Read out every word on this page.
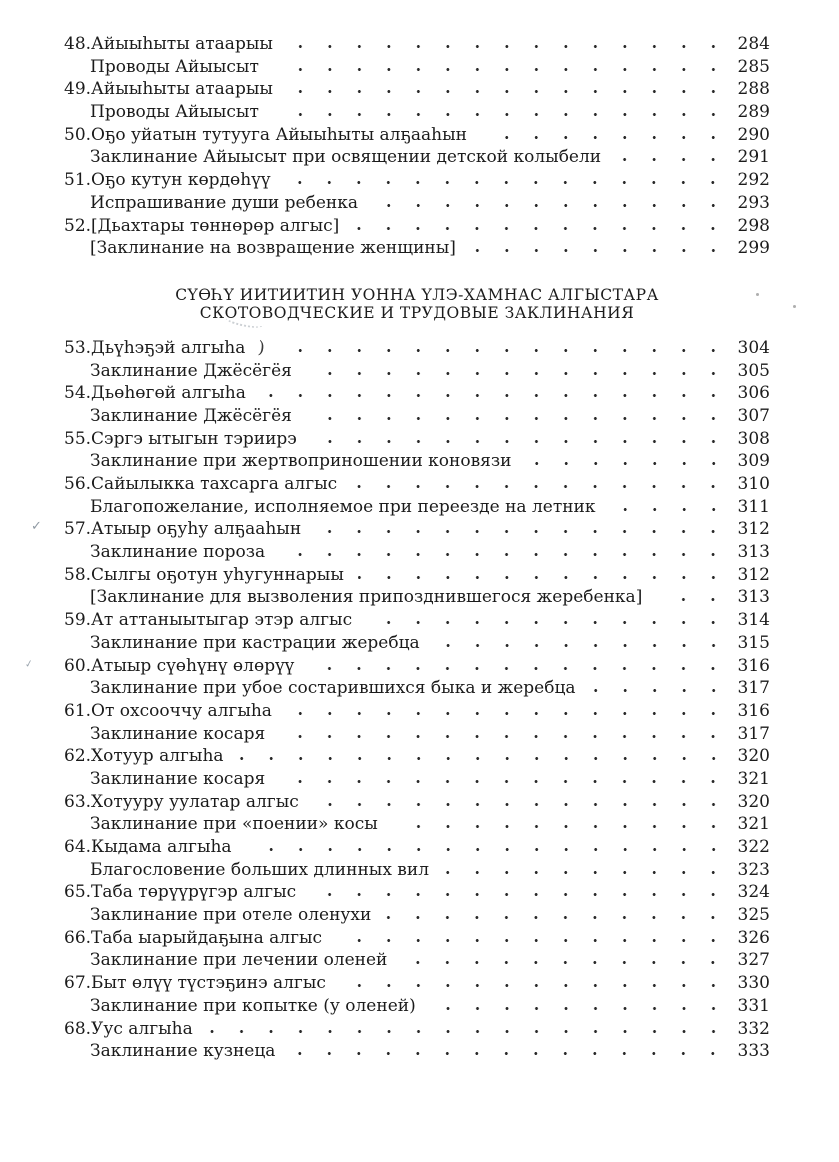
48. Айыыһыты атаарыы	284
Проводы Айыысыт	285
49. Айыыһыты атаарыы	288
Проводы Айыысыт	289
50. Оҕо уйатын тутууга Айыыһыты алҕааһын	290
Заклинание Айыысыт при освящении детской колыбели	291
51. Оҕо кутун көрдөһүү	292
Испрашивание души ребенка	293
52. [Дьахтары төннөрөр алгыс]	298
[Заклинание на возвращение женщины]	299
СҮӨҺҮ ИИТИИТИН УОННА ҮЛЭ-ХАМНАС АЛГЫСТАРА
СКОТОВОДЧЕСКИЕ И ТРУДОВЫЕ ЗАКЛИНАНИЯ
53. Дьүһэҕэй алгыһа )	304
Заклинание Джёсёгёя	305
54. Дьөһөгөй алгыһа	306
Заклинание Джёсёгёя	307
55. Сэргэ ытыгын тэриирэ	308
Заклинание при жертвоприношении коновязи	309
56. Сайылыкка тахсарга алгыс	310
Благопожелание, исполняемое при переезде на летник	311
✓ 57. Атыыр оҕуһу алҕааһын	312
Заклинание пороза	313
58. Сылгы оҕотун уһугуннарыы	312
[Заклинание для вызволения припозднившегося жеребенка]	313
59. Ат аттаныытыгар этэр алгыс	314
Заклинание при кастрации жеребца	315
✓ 60. Атыыр сүөһүнү өлөрүү	316
Заклинание при убое состарившихся быка и жеребца	317
61. От охсооччу алгыһа	316
Заклинание косаря	317
62. Хотуур алгыһа	320
Заклинание косаря	321
63. Хотууру уулатар алгыс	320
Заклинание при «поении» косы	321
64. Кыдама алгыһа	322
Благословение больших длинных вил	323
65. Таба төрүүрүгэр алгыс	324
Заклинание при отеле оленухи	325
66. Таба ыарыйдаҕына алгыс	326
Заклинание при лечении оленей	327
67. Быт өлүү түстэҕинэ алгыс	330
Заклинание при копытке (у оленей)	331
68. Уус алгыһа	332
Заклинание кузнеца	333
